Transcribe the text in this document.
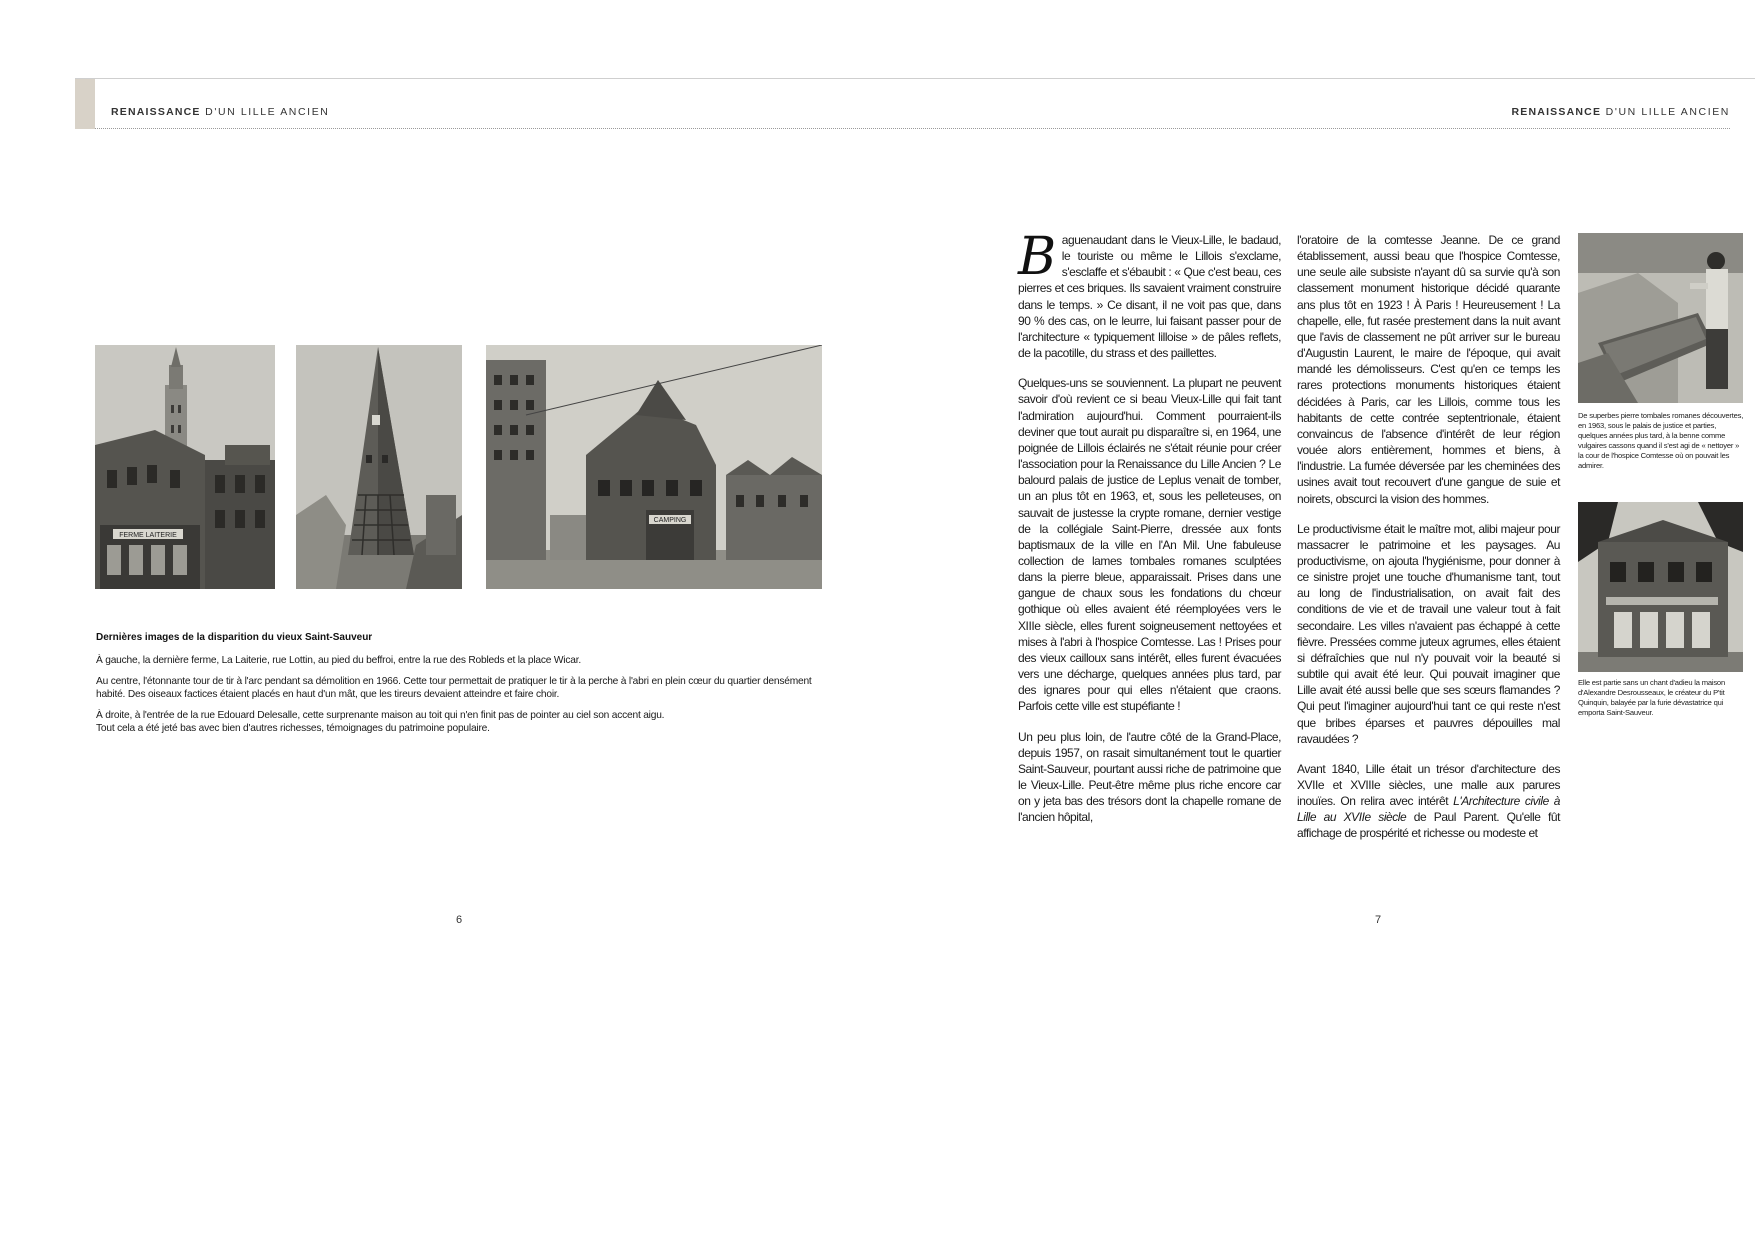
RENAISSANCE D'UN LILLE ANCIEN	RENAISSANCE D'UN LILLE ANCIEN
FERME LAITERIE
CAMPING
Dernières images de la disparition du vieux Saint-Sauveur
À gauche, la dernière ferme, La Laiterie, rue Lottin, au pied du beffroi, entre la rue des Robleds et la place Wicar.
Au centre, l'étonnante tour de tir à l'arc pendant sa démolition en 1966. Cette tour permettait de pratiquer le tir à la perche à l'abri en plein cœur du quartier densément habité. Des oiseaux factices étaient placés en haut d'un mât, que les tireurs devaient atteindre et faire choir.
À droite, à l'entrée de la rue Edouard Delesalle, cette surprenante maison au toit qui n'en finit pas de pointer au ciel son accent aigu.
Tout cela a été jeté bas avec bien d'autres richesses, témoignages du patrimoine populaire.
6

Baguenaudant dans le Vieux-Lille, le badaud, le touriste ou même le Lillois s'exclame, s'esclaffe et s'ébaubit : « Que c'est beau, ces pierres et ces briques. Ils savaient vraiment construire dans le temps. » Ce disant, il ne voit pas que, dans 90 % des cas, on le leurre, lui faisant passer pour de l'architecture « typiquement lilloise » de pâles reflets, de la pacotille, du strass et des paillettes.

Quelques-uns se souviennent. La plupart ne peuvent savoir d'où revient ce si beau Vieux-Lille qui fait tant l'admiration aujourd'hui. Comment pourraient-ils deviner que tout aurait pu disparaître si, en 1964, une poignée de Lillois éclairés ne s'était réunie pour créer l'association pour la Renaissance du Lille Ancien ? Le balourd palais de justice de Leplus venait de tomber, un an plus tôt en 1963, et, sous les pelleteuses, on sauvait de justesse la crypte romane, dernier vestige de la collégiale Saint-Pierre, dressée aux fonts baptismaux de la ville en l'An Mil. Une fabuleuse collection de lames tombales romanes sculptées dans la pierre bleue, apparaissait. Prises dans une gangue de chaux sous les fondations du chœur gothique où elles avaient été réemployées vers le XIIIe siècle, elles furent soigneusement nettoyées et mises à l'abri à l'hospice Comtesse. Las ! Prises pour des vieux cailloux sans intérêt, elles furent évacuées vers une décharge, quelques années plus tard, par des ignares pour qui elles n'étaient que craons. Parfois cette ville est stupéfiante !

Un peu plus loin, de l'autre côté de la Grand-Place, depuis 1957, on rasait simultanément tout le quartier Saint-Sauveur, pourtant aussi riche de patrimoine que le Vieux-Lille. Peut-être même plus riche encore car on y jeta bas des trésors dont la chapelle romane de l'ancien hôpital,

l'oratoire de la comtesse Jeanne. De ce grand établissement, aussi beau que l'hospice Comtesse, une seule aile subsiste n'ayant dû sa survie qu'à son classement monument historique décidé quarante ans plus tôt en 1923 ! À Paris ! Heureusement ! La chapelle, elle, fut rasée prestement dans la nuit avant que l'avis de classement ne pût arriver sur le bureau d'Augustin Laurent, le maire de l'époque, qui avait mandé les démolisseurs. C'est qu'en ce temps les rares protections monuments historiques étaient décidées à Paris, car les Lillois, comme tous les habitants de cette contrée septentrionale, étaient convaincus de l'absence d'intérêt de leur région vouée alors entièrement, hommes et biens, à l'industrie. La fumée déversée par les cheminées des usines avait tout recouvert d'une gangue de suie et noirets, obscurci la vision des hommes.

Le productivisme était le maître mot, alibi majeur pour massacrer le patrimoine et les paysages. Au productivisme, on ajouta l'hygiénisme, pour donner à ce sinistre projet une touche d'humanisme tant, tout au long de l'industrialisation, on avait fait des conditions de vie et de travail une valeur tout à fait secondaire. Les villes n'avaient pas échappé à cette fièvre. Pressées comme juteux agrumes, elles étaient si défraîchies que nul n'y pouvait voir la beauté si subtile qui avait été leur. Qui pouvait imaginer que Lille avait été aussi belle que ses sœurs flamandes ? Qui peut l'imaginer aujourd'hui tant ce qui reste n'est que bribes éparses et pauvres dépouilles mal ravaudées ?

Avant 1840, Lille était un trésor d'architecture des XVIIe et XVIIIe siècles, une malle aux parures inouïes. On relira avec intérêt L'Architecture civile à Lille au XVIIe siècle de Paul Parent. Qu'elle fût affichage de prospérité et richesse ou modeste et

De superbes pierre tombales romanes découvertes, en 1963, sous le palais de justice et parties, quelques années plus tard, à la benne comme vulgaires cassons quand il s'est agi de « nettoyer » la cour de l'hospice Comtesse où on pouvait les admirer.
Elle est partie sans un chant d'adieu la maison d'Alexandre Desrousseaux, le créateur du P'tit Quinquin, balayée par la furie dévastatrice qui emporta Saint-Sauveur.
7
